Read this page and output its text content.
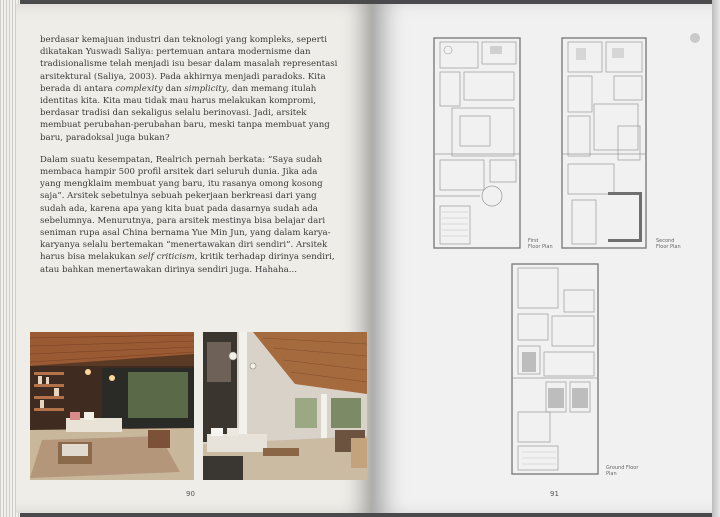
berdasar kemajuan industri dan teknologi yang kompleks, seperti dikatakan Yuswadi Saliya: pertemuan antara modernisme dan tradisionalisme telah menjadi isu besar dalam masalah representasi arsitektural (Saliya, 2003). Pada akhirnya menjadi paradoks. Kita berada di antara complexity dan simplicity, dan memang itulah identitas kita. Kita mau tidak mau harus melakukan kompromi, berdasar tradisi dan sekaligus selalu berinovasi. Jadi, arsitek membuat perubahan-perubahan baru, meski tanpa membuat yang baru, paradoksal juga bukan?

Dalam suatu kesempatan, Realrich pernah berkata: “Saya sudah membaca hampir 500 profil arsitek dari seluruh dunia. Jika ada yang mengklaim membuat yang baru, itu rasanya omong kosong saja”. Arsitek sebetulnya sebuah pekerjaan berkreasi dari yang sudah ada, karena apa yang kita buat pada dasarnya sudah ada sebelumnya. Menurutnya, para arsitek mestinya bisa belajar dari seniman rupa asal China bernama Yue Min Jun, yang dalam karya-karyanya selalu bertemakan “menertawakan diri sendiri”. Arsitek harus bisa melakukan self criticism, kritik terhadap dirinya sendiri, atau bahkan menertawakan dirinya sendiri juga. Hahaha...

90
First
Floor Plan
Second
Floor Plan
Ground Floor
Plan
91
